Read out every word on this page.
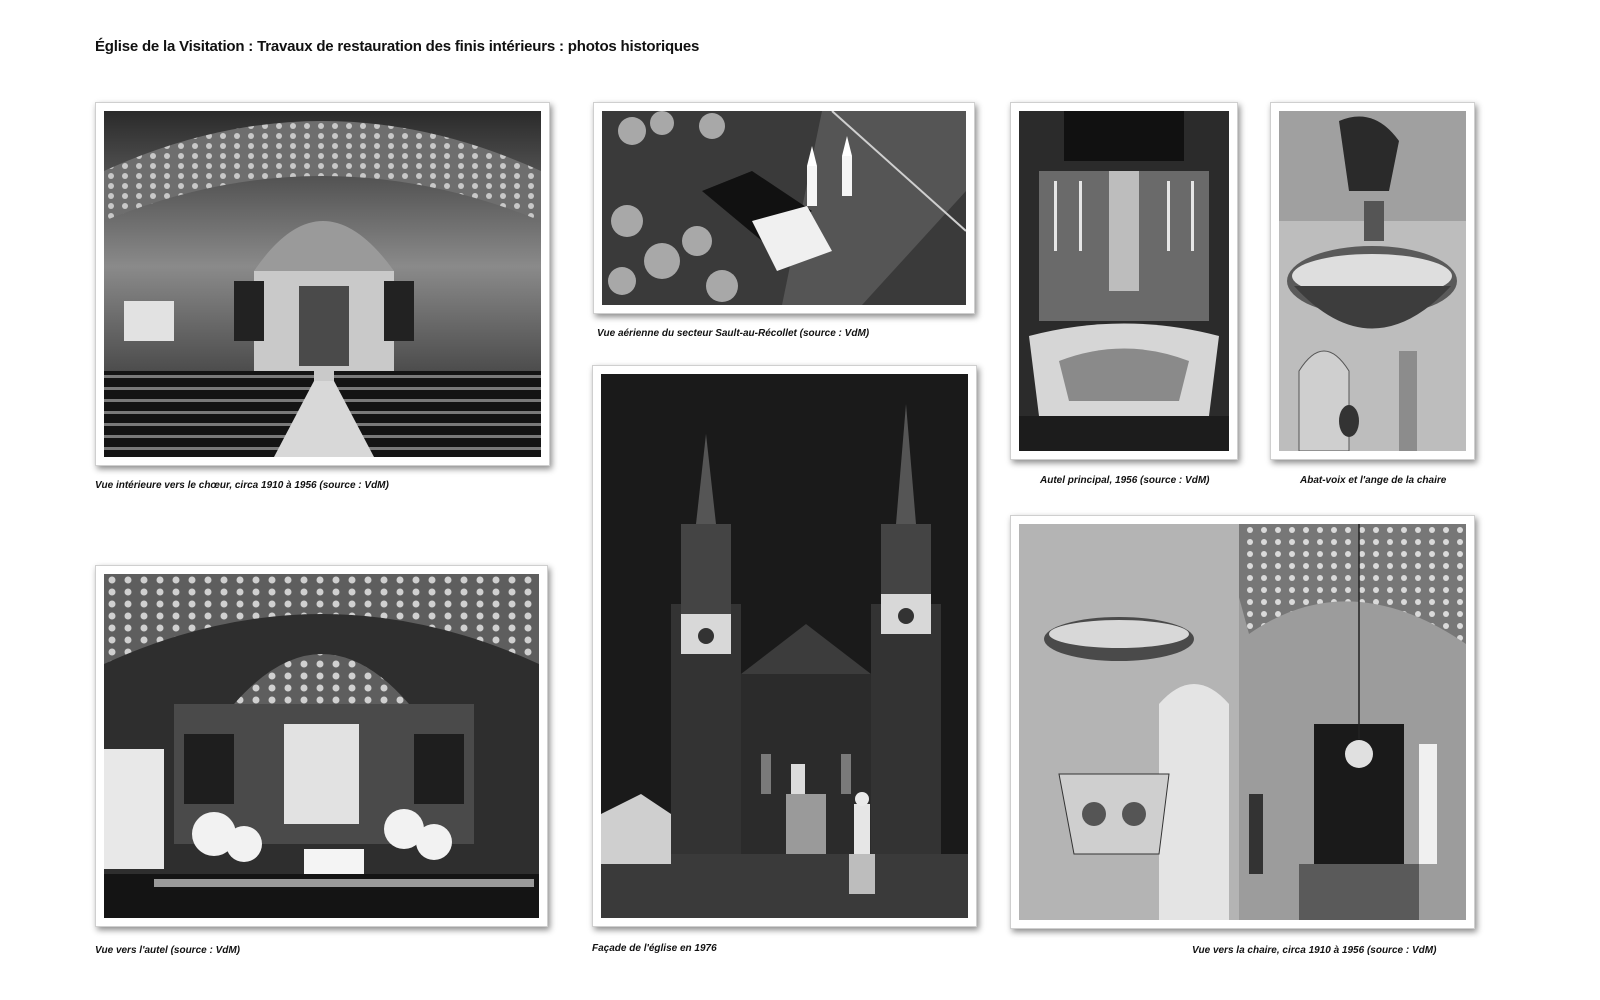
Église de la Visitation : Travaux de restauration des finis intérieurs : photos historiques
Vue intérieure vers le chœur, circa 1910 à 1956 (source : VdM)
Vue aérienne du secteur Sault-au-Récollet (source : VdM)
Autel principal, 1956 (source : VdM)	Abat-voix et l'ange de la chaire
Vue vers l'autel (source : VdM)	Façade de l'église en 1976	Vue vers la chaire, circa 1910 à 1956 (source : VdM)
